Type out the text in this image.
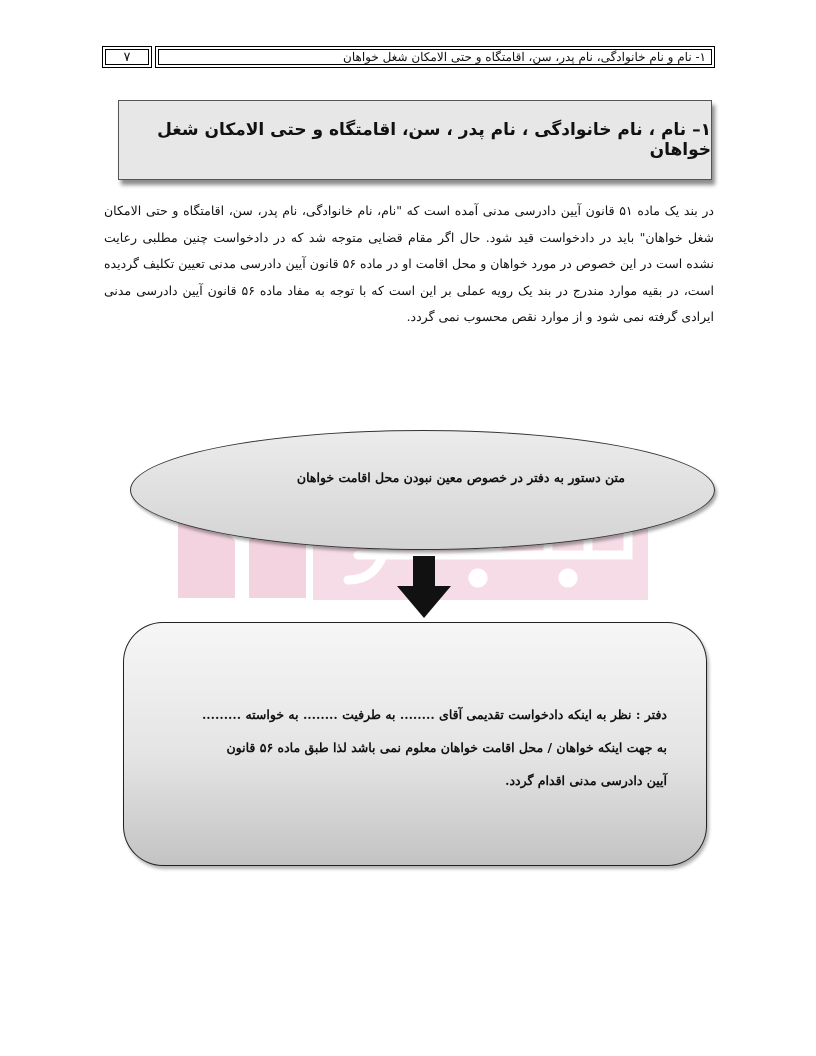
۷	۱- نام و نام خانوادگی، نام پدر، سن، اقامتگاه و حتی الامکان شغل خواهان
۱– نام ، نام خانوادگی ، نام پدر ، سن، اقامتگاه و حتی الامکان شغل خواهان
در بند یک ماده ۵۱ قانون آیین دادرسی مدنی آمده است که "نام، نام خانوادگی، نام پدر، سن، اقامتگاه و حتی الامکان شغل خواهان" باید در دادخواست قید شود. حال اگر مقام قضایی متوجه شد که در دادخواست چنین مطلبی رعایت نشده است در این خصوص در مورد خواهان و محل اقامت او در ماده ۵۶ قانون آیین دادرسی مدنی تعیین تکلیف گردیده است، در بقیه موارد مندرج در بند یک رویه عملی بر این است که با توجه به مفاد ماده ۵۶ قانون آیین دادرسی مدنی ایرادی گرفته نمی شود و از موارد نقص محسوب نمی گردد.
متن دستور به دفتر در خصوص معین نبودن محل اقامت خواهان
دفتر : نظر به اینکه دادخواست تقدیمی آقای ........ به طرفیت ........ به خواسته .........
به جهت اینکه خواهان / محل اقامت خواهان معلوم نمی باشد لذا طبق ماده ۵۶ قانون
آیین دادرسی مدنی اقدام گردد.
